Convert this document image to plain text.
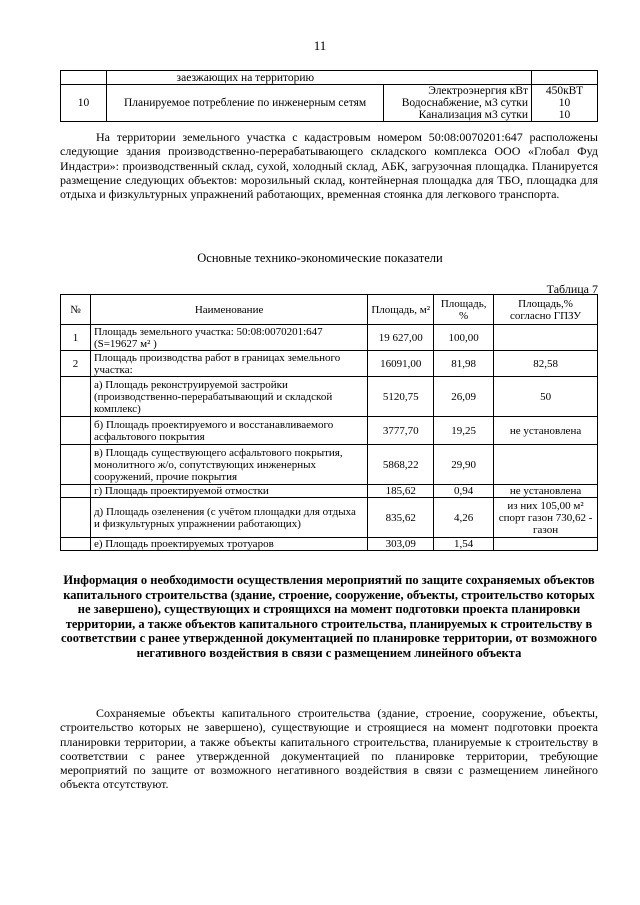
11
	заезжающих на территорию		
10	Планируемое потребление по инженерным сетям	Электроэнергия кВт	450кВТ
		Водоснабжение, м3 сутки	10
		Канализация м3 сутки	10

На территории земельного участка с кадастровым номером 50:08:0070201:647 расположены следующие здания производственно-перерабатывающего складского комплекса ООО «Глобал Фуд Индастри»: производственный склад, сухой, холодный склад, АБК, загрузочная площадка. Планируется размещение следующих объектов: морозильный склад, контейнерная площадка для ТБО, площадка для отдыха и физкультурных упражнений работающих, временная стоянка для легкового транспорта.

Основные технико-экономические показатели
Таблица 7
№	Наименование	Площадь, м²	Площадь, %	Площадь,% согласно ГПЗУ
1	Площадь земельного участка: 50:08:0070201:647 (S=19627 м² )	19 627,00	100,00	
2	Площадь производства работ в границах земельного участка:	16091,00	81,98	82,58
	а) Площадь реконструируемой застройки (производственно-перерабатывающий и складской комплекс)	5120,75	26,09	50
	б) Площадь проектируемого и восстанавливаемого асфальтового покрытия	3777,70	19,25	не установлена
	в) Площадь существующего асфальтового покрытия, монолитного ж/о, сопутствующих инженерных сооружений, прочие покрытия	5868,22	29,90	
	г) Площадь проектируемой отмостки	185,62	0,94	не установлена
	д) Площадь озеленения (с учётом площадки для отдыха и физкультурных упражнении работающих)	835,62	4,26	из них 105,00 м² спорт газон 730,62 - газон
	е) Площадь проектируемых тротуаров	303,09	1,54	

Информация о необходимости осуществления мероприятий по защите сохраняемых объектов капитального строительства (здание, строение, сооружение, объекты, строительство которых не завершено), существующих и строящихся на момент подготовки проекта планировки территории, а также объектов капитального строительства, планируемых к строительству в соответствии с ранее утвержденной документацией по планировке территории, от возможного негативного воздействия в связи с размещением линейного объекта

Сохраняемые объекты капитального строительства (здание, строение, сооружение, объекты, строительство которых не завершено), существующие и строящиеся на момент подготовки проекта планировки территории, а также объекты капитального строительства, планируемые к строительству в соответствии с ранее утвержденной документацией по планировке территории, требующие мероприятий по защите от возможного негативного воздействия в связи с размещением линейного объекта отсутствуют.
